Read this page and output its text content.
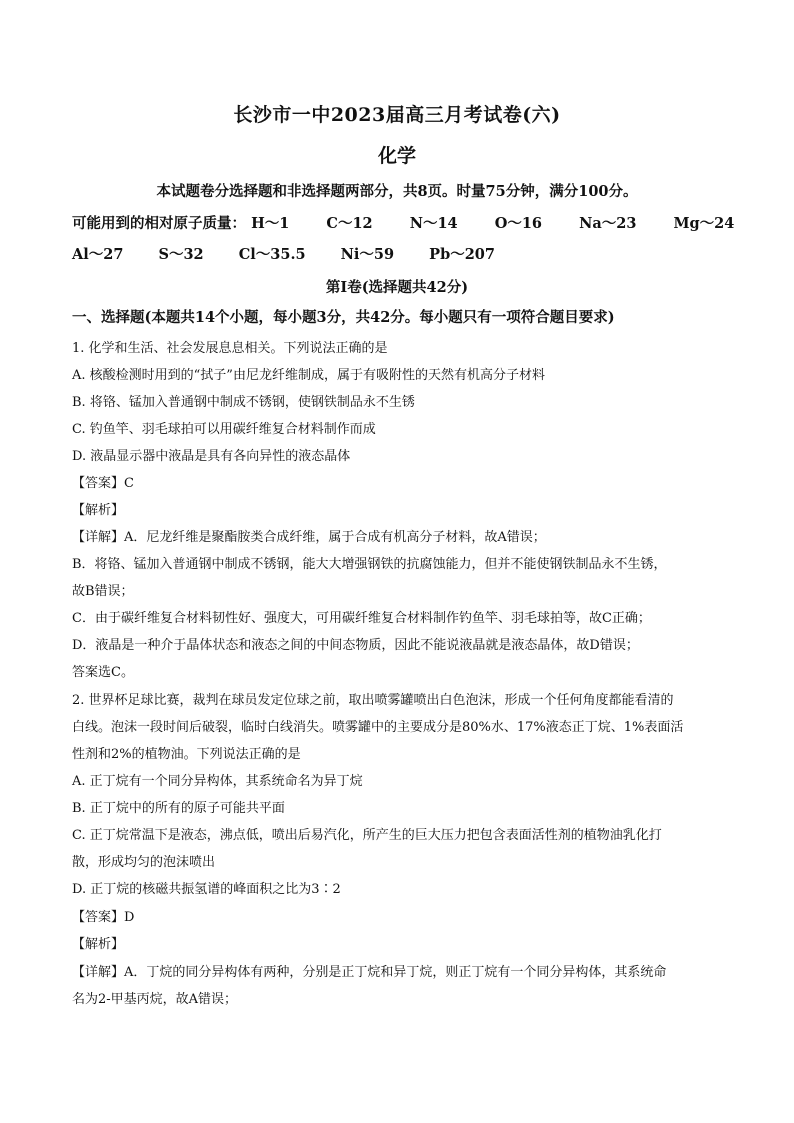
长沙市一中2023届高三月考试卷(六)
化学
本试题卷分选择题和非选择题两部分，共8页。时量75分钟，满分100分。
可能用到的相对原子质量： H～1	C～12	N～14	O～16	Na～23	Mg～24
Al～27 S～32 Cl～35.5 Ni～59 Pb～207
第Ⅰ卷(选择题共42分)
一、选择题(本题共14个小题，每小题3分，共42分。每小题只有一项符合题目要求)
1. 化学和生活、社会发展息息相关。下列说法正确的是
A. 核酸检测时用到的“拭子”由尼龙纤维制成，属于有吸附性的天然有机高分子材料
B. 将铬、锰加入普通钢中制成不锈钢，使钢铁制品永不生锈
C. 钓鱼竿、羽毛球拍可以用碳纤维复合材料制作而成
D. 液晶显示器中液晶是具有各向异性的液态晶体
【答案】C
【解析】
【详解】A．尼龙纤维是聚酯胺类合成纤维，属于合成有机高分子材料，故A错误；
B．将铬、锰加入普通钢中制成不锈钢，能大大增强钢铁的抗腐蚀能力，但并不能使钢铁制品永不生锈，
故B错误；
C．由于碳纤维复合材料韧性好、强度大，可用碳纤维复合材料制作钓鱼竿、羽毛球拍等，故C正确；
D．液晶是一种介于晶体状态和液态之间的中间态物质，因此不能说液晶就是液态晶体，故D错误；
答案选C。
2. 世界杯足球比赛，裁判在球员发定位球之前，取出喷雾罐喷出白色泡沫，形成一个任何角度都能看清的
白线。泡沫一段时间后破裂，临时白线消失。喷雾罐中的主要成分是80%水、17%液态正丁烷、1%表面活
性剂和2%的植物油。下列说法正确的是
A. 正丁烷有一个同分异构体，其系统命名为异丁烷
B. 正丁烷中的所有的原子可能共平面
C. 正丁烷常温下是液态，沸点低，喷出后易汽化，所产生的巨大压力把包含表面活性剂的植物油乳化打
散，形成均匀的泡沫喷出
D. 正丁烷的核磁共振氢谱的峰面积之比为3∶2
【答案】D
【解析】
【详解】A．丁烷的同分异构体有两种，分别是正丁烷和异丁烷，则正丁烷有一个同分异构体，其系统命
名为2-甲基丙烷，故A错误；
